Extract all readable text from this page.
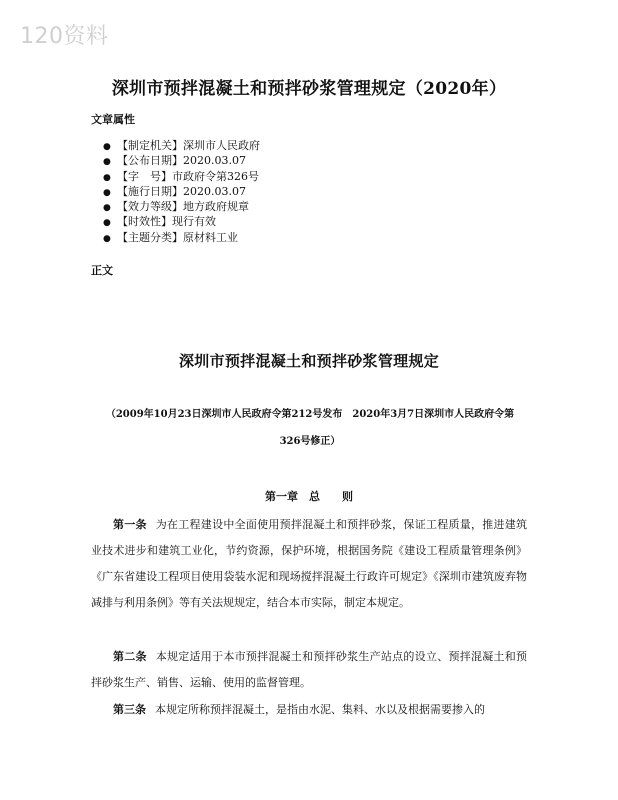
120资料
深圳市预拌混凝土和预拌砂浆管理规定（2020年）
文章属性
● 【制定机关】深圳市人民政府
● 【公布日期】2020.03.07
● 【字　号】市政府令第326号
● 【施行日期】2020.03.07
● 【效力等级】地方政府规章
● 【时效性】现行有效
● 【主题分类】原材料工业
正文
深圳市预拌混凝土和预拌砂浆管理规定
（2009年10月23日深圳市人民政府令第212号发布　2020年3月7日深圳市人民政府令第
326号修正）
第一章　总　　则
第一条 为在工程建设中全面使用预拌混凝土和预拌砂浆，保证工程质量，推进建筑业技术进步和建筑工业化，节约资源，保护环境，根据国务院《建设工程质量管理条例》《广东省建设工程项目使用袋装水泥和现场搅拌混凝土行政许可规定》《深圳市建筑废弃物减排与利用条例》等有关法规规定，结合本市实际，制定本规定。
第二条 本规定适用于本市预拌混凝土和预拌砂浆生产站点的设立、预拌混凝土和预拌砂浆生产、销售、运输、使用的监督管理。
第三条 本规定所称预拌混凝土，是指由水泥、集料、水以及根据需要掺入的
